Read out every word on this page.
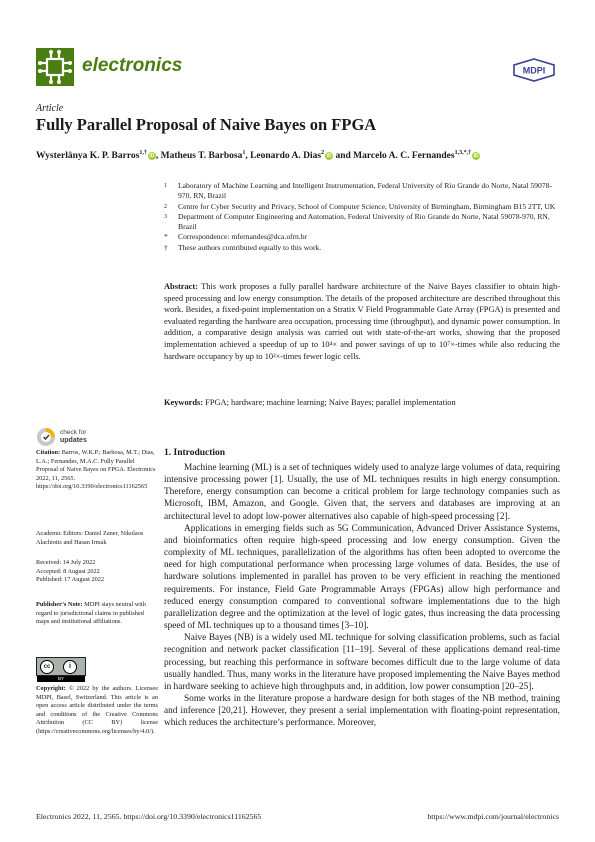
electronics	MDPI
Article
Fully Parallel Proposal of Naive Bayes on FPGA
Wysterlânya K. P. Barros$^{1,\dagger}$ iD , Matheus T. Barbosa$^1$, Leonardo A. Dias$^2$ iD and Marcelo A. C. Fernandes$^{1,3,*,\dagger}$ iD
1	Laboratory of Machine Learning and Intelligent Instrumentation, Federal University of Rio Grande do Norte, Natal 59078-970, RN, Brazil
2	Centre for Cyber Security and Privacy, School of Computer Science, University of Birmingham, Birmingham B15 2TT, UK
3	Department of Computer Engineering and Automation, Federal University of Rio Grande do Norte, Natal 59078-970, RN, Brazil
*	Correspondence: mfernandes@dca.ufrn.br
†	These authors contributed equally to this work.
Abstract: This work proposes a fully parallel hardware architecture of the Naive Bayes classifier to obtain high-speed processing and low energy consumption. The details of the proposed architecture are described throughout this work. Besides, a fixed-point implementation on a Stratix V Field Programmable Gate Array (FPGA) is presented and evaluated regarding the hardware area occupation, processing time (throughput), and dynamic power consumption. In addition, a comparative design analysis was carried out with state-of-the-art works, showing that the proposed implementation achieved a speedup of up to 10⁴× and power savings of up to 10⁷×-times while also reducing the hardware occupancy by up to 10²×-times fewer logic cells.
Keywords: FPGA; hardware; machine learning; Naive Bayes; parallel implementation
check for
updates
Citation: Barros, W.K.P.; Barbosa, M.T.; Dias, L.A.; Fernandes, M.A.C. Fully Parallel Proposal of Naive Bayes on FPGA. Electronics 2022, 11, 2565. https://doi.org/10.3390/electronics11162565
Academic Editors: Daniel Zaner, Nikolaos Alachiotis and Hasan Irmak
Received: 14 July 2022
Accepted: 8 August 2022
Published: 17 August 2022
Publisher’s Note: MDPI stays neutral with regard to jurisdictional claims in published maps and institutional affiliations.
cc	i
BY
Copyright: © 2022 by the authors. Licensee MDPI, Basel, Switzerland. This article is an open access article distributed under the terms and conditions of the Creative Commons Attribution (CC BY) license (https://creativecommons.org/licenses/by/4.0/).
1. Introduction

Machine learning (ML) is a set of techniques widely used to analyze large volumes of data, requiring intensive processing power [1]. Usually, the use of ML techniques results in high energy consumption. Therefore, energy consumption can become a critical problem for large technology companies such as Microsoft, IBM, Amazon, and Google. Given that, the servers and databases are improving at an architectural level to adopt low-power alternatives also capable of high-speed processing [2].

Applications in emerging fields such as 5G Communication, Advanced Driver Assistance Systems, and bioinformatics often require high-speed processing and low energy consumption. Given the complexity of ML techniques, parallelization of the algorithms has often been adopted to overcome the need for high computational performance when processing large volumes of data. Besides, the use of hardware solutions implemented in parallel has proven to be very efficient in reaching the mentioned requirements. For instance, Field Gate Programmable Arrays (FPGAs) allow high performance and reduced energy consumption compared to conventional software implementations due to the high parallelization degree and the optimization at the level of logic gates, thus increasing the data processing speed of ML techniques up to a thousand times [3–10].

Naive Bayes (NB) is a widely used ML technique for solving classification problems, such as facial recognition and network packet classification [11–19]. Several of these applications demand real-time processing, but reaching this performance in software becomes difficult due to the large volume of data usually handled. Thus, many works in the literature have proposed implementing the Naive Bayes method in hardware seeking to achieve high throughputs and, in addition, low power consumption [20–25].

Some works in the literature propose a hardware design for both stages of the NB method, training and inference [20,21]. However, they present a serial implementation with floating-point representation, which reduces the architecture’s performance. Moreover,

Electronics 2022, 11, 2565. https://doi.org/10.3390/electronics11162565	https://www.mdpi.com/journal/electronics
